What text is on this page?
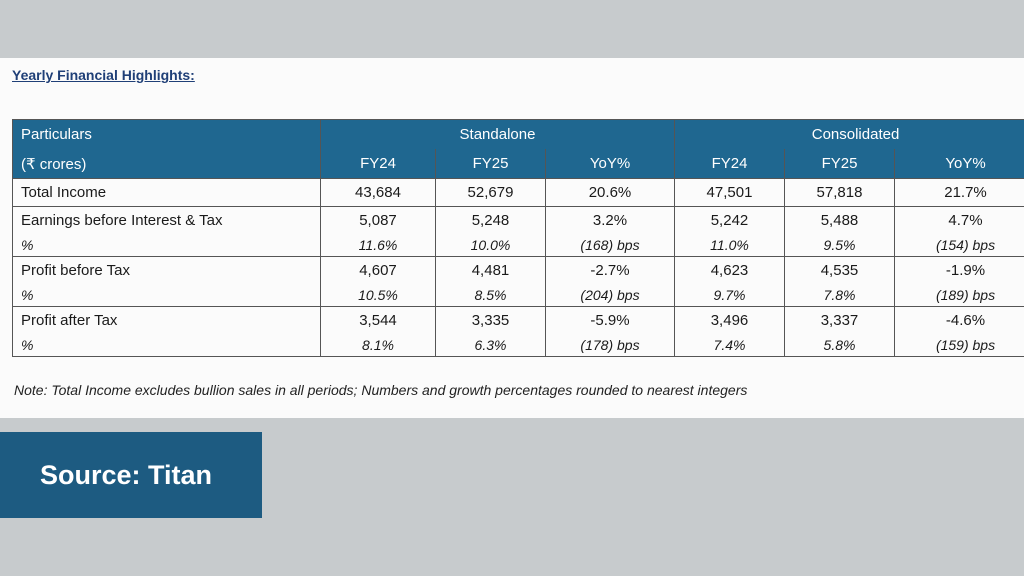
Yearly Financial Highlights:

Particulars	Standalone			Consolidated		
(₹ crores)	FY24	FY25	YoY%	FY24	FY25	YoY%
Total Income	43,684	52,679	20.6%	47,501	57,818	21.7%
Earnings before Interest & Tax	5,087	5,248	3.2%	5,242	5,488	4.7%
%	11.6%	10.0%	(168) bps	11.0%	9.5%	(154) bps
Profit before Tax	4,607	4,481	-2.7%	4,623	4,535	-1.9%
%	10.5%	8.5%	(204) bps	9.7%	7.8%	(189) bps
Profit after Tax	3,544	3,335	-5.9%	3,496	3,337	-4.6%
%	8.1%	6.3%	(178) bps	7.4%	5.8%	(159) bps

Note: Total Income excludes bullion sales in all periods; Numbers and growth percentages rounded to nearest integers

Source: Titan
